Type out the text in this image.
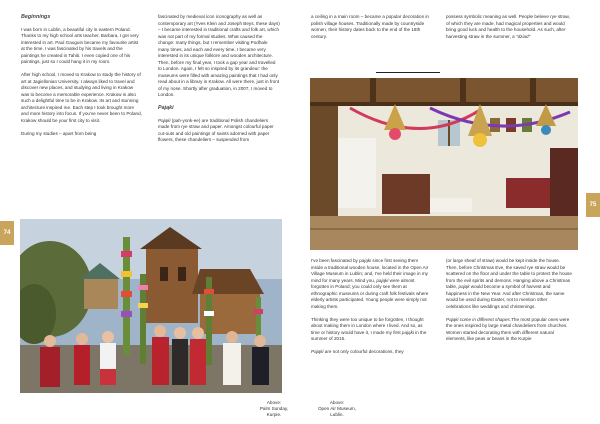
Beginnings

I was born in Lublin, a beautiful city in eastern Poland. Thanks to my high school arts teacher, Barbara, I got very interested in art. Paul Gauguin became my favourite artist at the time. I was fascinated by his travels and the paintings he created in Tahiti. I even copied one of his paintings, just so I could hang it in my room.

After high school, I moved to Krakow to study the history of art at Jagiellonian University. I always liked to travel and discover new places, and studying and living in Krakow was to become a memorable experience. Krakow is also such a delightful time to be in Krakow. Its art and stunning architecture inspired me. Each step I took brought more and more history into focus. If you've never been to Poland, Krakow should be your first city to visit.

During my studies – apart from being

fascinated by medieval icon iconography as well as contemporary art (Yves Klein and Joseph Beys, these days) – I became interested in traditional crafts and folk art, which was not part of my formal studies. What caused the change: many things, but I remember visiting Podhale many times, and each and every time, I became very interested in its unique folklore and wooden architecture. Then, before my final year, I took a gap year and travelled to London. Again, I felt so inspired by its grandeur: the museums were filled with amazing paintings that I had only read about in a library in Krakow. All were there, just in front of my nose. Shortly after graduation, in 2007, I moved to London.

Pająki

Pająki (pah-yonk-ee) are traditional Polish chandeliers made from rye straw and paper. Amongst colourful paper cut-outs and old paintings of saints adorned with paper flowers, these chandeliers – suspended from

74
Above:
Palm Sunday,
Kurpie.

a ceiling in a main room – became a popular decoration in polish village houses. Traditionally made by countryside women, their history dates back to the end of the 18th century.

possess symbolic meaning as well. People believe rye straw, of which they are made, had magical properties and would bring good luck and health to the household. As such, after harvesting straw in the summer, a "dziad"

75

I've been fascinated by pająki since first seeing them inside a traditional wooden house, located in the Open Air Village Museum in Lublin; and, I've held their image in my mind for many years. Mind you, pająki were almost forgotten in Poland; you could only see them at ethnographic museums or during craft folk festivals where elderly artists participated. Young people were simply not making them.

Thinking they were too unique to be forgotten, I thought about making them in London where I lived. And so, as time or history would have it, I made my first pająki in the summer of 2015.

Pająki are not only colourful decorations, they

(or large sheaf of straw) would be kept inside the house. Then, before Christmas Eve, the saved rye straw would be scattered on the floor and under the table to protect the house from the evil spirits and demons. Hanging above a Christmas table, pająk would become a symbol of harvest and happiness in the New Year. And after Christmas, the same would be used during Easter, not to mention other celebrations like weddings and christenings.

Pająki come in different shapes.The most popular ones were the ones inspired by large metal chandeliers from churches. Women started decorating them with different natural elements, like peas or beans in the Kurpie

Above:
Open Air Museum,
Lublin.
